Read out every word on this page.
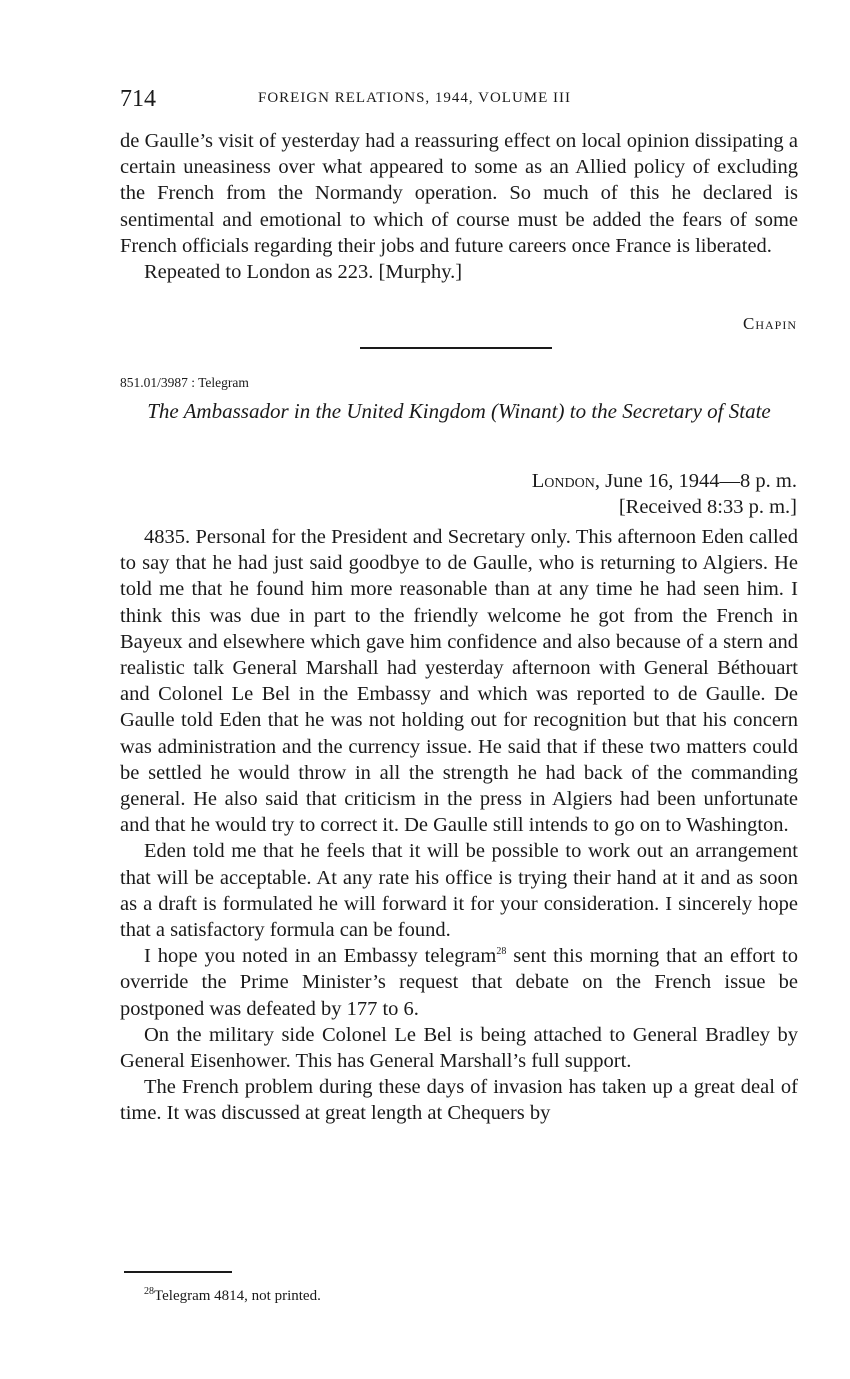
714	FOREIGN RELATIONS, 1944, VOLUME III

de Gaulle’s visit of yesterday had a reassuring effect on local opinion dissipating a certain uneasiness over what appeared to some as an Allied policy of excluding the French from the Normandy operation. So much of this he declared is sentimental and emotional to which of course must be added the fears of some French officials regarding their jobs and future careers once France is liberated.

Repeated to London as 223. [Murphy.]

Chapin
851.01/3987 : Telegram
The Ambassador in the United Kingdom (Winant) to the Secretary of State
London, June 16, 1944—8 p. m.
[Received 8:33 p. m.]

4835. Personal for the President and Secretary only. This afternoon Eden called to say that he had just said goodbye to de Gaulle, who is returning to Algiers. He told me that he found him more reasonable than at any time he had seen him. I think this was due in part to the friendly welcome he got from the French in Bayeux and elsewhere which gave him confidence and also because of a stern and realistic talk General Marshall had yesterday afternoon with General Béthouart and Colonel Le Bel in the Embassy and which was reported to de Gaulle. De Gaulle told Eden that he was not holding out for recognition but that his concern was administration and the currency issue. He said that if these two matters could be settled he would throw in all the strength he had back of the commanding general. He also said that criticism in the press in Algiers had been unfortunate and that he would try to correct it. De Gaulle still intends to go on to Washington.

Eden told me that he feels that it will be possible to work out an arrangement that will be acceptable. At any rate his office is trying their hand at it and as soon as a draft is formulated he will forward it for your consideration. I sincerely hope that a satisfactory formula can be found.

I hope you noted in an Embassy telegram$^{28}$ sent this morning that an effort to override the Prime Minister’s request that debate on the French issue be postponed was defeated by 177 to 6.

On the military side Colonel Le Bel is being attached to General Bradley by General Eisenhower. This has General Marshall’s full support.

The French problem during these days of invasion has taken up a great deal of time. It was discussed at great length at Chequers by

$^{28}$Telegram 4814, not printed.
